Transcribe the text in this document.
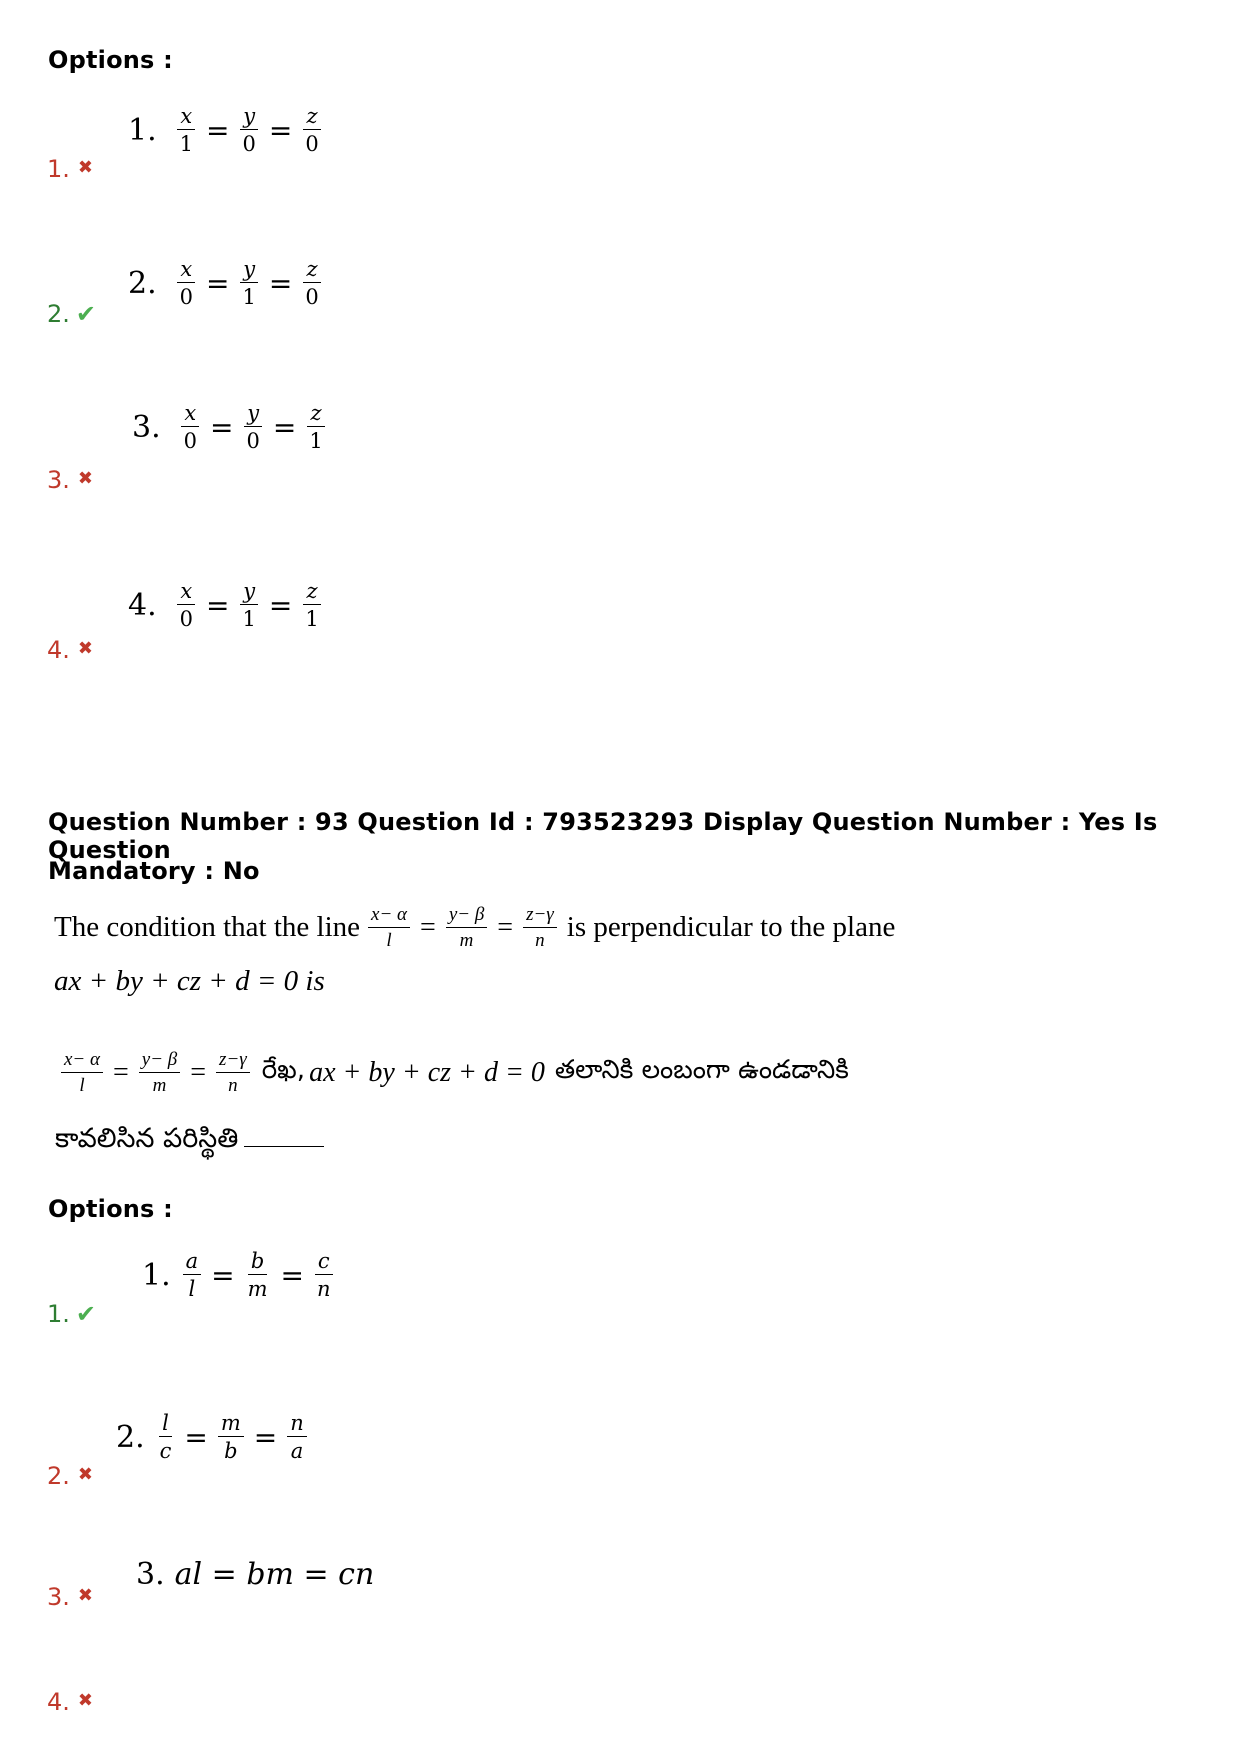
Options :
1. ✖
1. $\frac{x}{1} = \frac{y}{0} = \frac{z}{0}$
2. ✔
2. $\frac{x}{0} = \frac{y}{1} = \frac{z}{0}$
3. ✖
3. $\frac{x}{0} = \frac{y}{0} = \frac{z}{1}$
4. ✖
4. $\frac{x}{0} = \frac{y}{1} = \frac{z}{1}$
Question Number : 93 Question Id : 793523293 Display Question Number : Yes Is Question
Mandatory : No
The condition that the line $\frac{x- \alpha}{l} = \frac{y- \beta}{m} = \frac{z-\gamma}{n}$ is perpendicular to the plane
ax + by + cz + d = 0 is
$\frac{x- \alpha}{l} = \frac{y- \beta}{m} = \frac{z-\gamma}{n}$ రేఖ, ax + by + cz + d = 0 తలానికి లంబంగా ఉండడానికి
కావలిసిన పరిస్థితి
Options :
1. ✔
1. $\frac{a}{l} = \frac{b}{m} = \frac{c}{n}$
2. ✖
2. $\frac{l}{c} = \frac{m}{b} = \frac{n}{a}$
3. ✖
3. al = bm = cn
4. ✖
